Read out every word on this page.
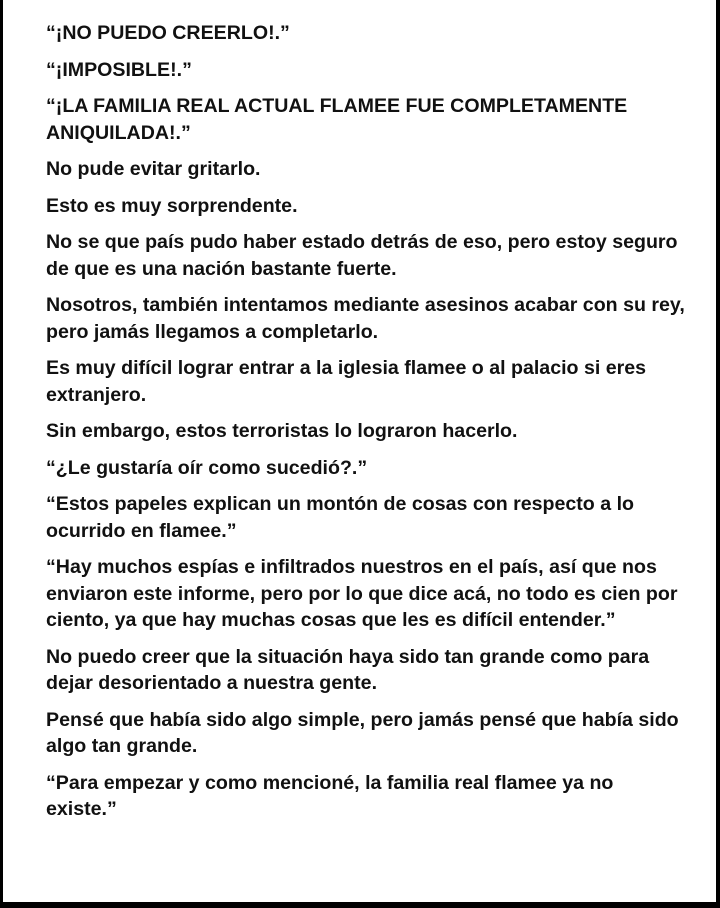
“¡NO PUEDO CREERLO!.”

“¡IMPOSIBLE!.”

“¡LA FAMILIA REAL ACTUAL FLAMEE FUE COMPLETAMENTE ANIQUILADA!.”

No pude evitar gritarlo.

Esto es muy sorprendente.

No se que país pudo haber estado detrás de eso, pero estoy seguro de que es una nación bastante fuerte.

Nosotros, también intentamos mediante asesinos acabar con su rey, pero jamás llegamos a completarlo.

Es muy difícil lograr entrar a la iglesia flamee o al palacio si eres extranjero.

Sin embargo, estos terroristas lo lograron hacerlo.

“¿Le gustaría oír como sucedió?.”

“Estos papeles explican un montón de cosas con respecto a lo ocurrido en flamee.”

“Hay muchos espías e infiltrados nuestros en el país, así que nos enviaron este informe, pero por lo que dice acá, no todo es cien por ciento, ya que hay muchas cosas que les es difícil entender.”

No puedo creer que la situación haya sido tan grande como para dejar desorientado a nuestra gente.

Pensé que había sido algo simple, pero jamás pensé que había sido algo tan grande.

“Para empezar y como mencioné, la familia real flamee ya no existe.”
